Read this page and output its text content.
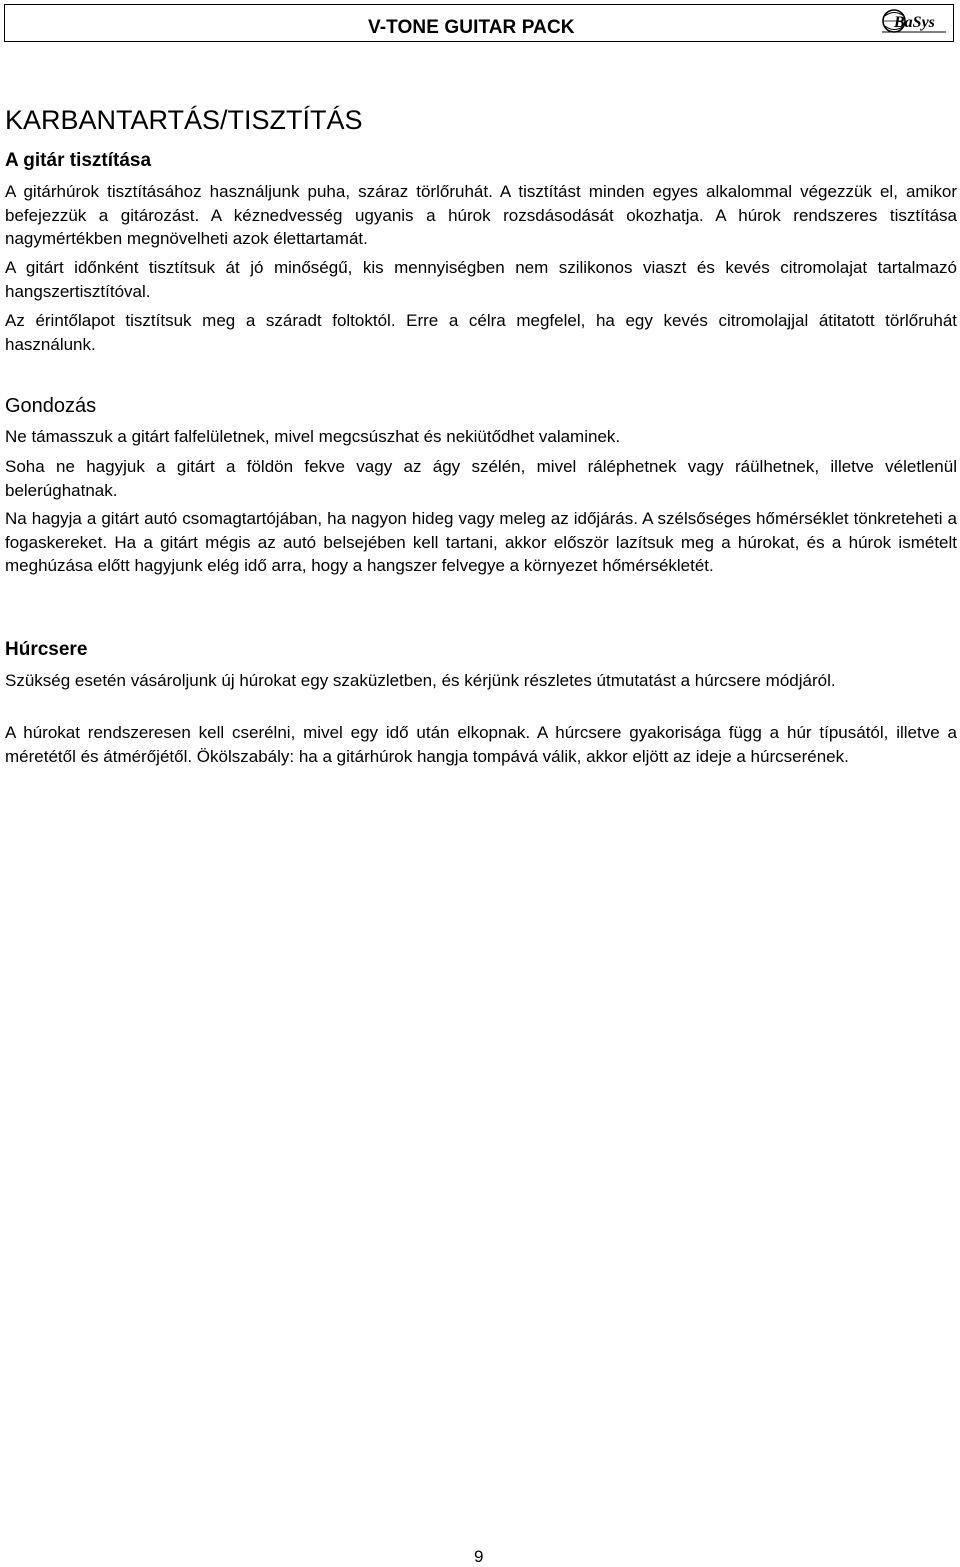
V-TONE GUITAR PACK	BaSys
KARBANTARTÁS/TISZTÍTÁS
A gitár tisztítása

A gitárhúrok tisztításához használjunk puha, száraz törlőruhát. A tisztítást minden egyes alkalommal végezzük el, amikor befejezzük a gitározást. A kéznedvesség ugyanis a húrok rozsdásodását okozhatja. A húrok rendszeres tisztítása nagymértékben megnövelheti azok élettartamát.

A gitárt időnként tisztítsuk át jó minőségű, kis mennyiségben nem szilikonos viaszt és kevés citromolajat tartalmazó hangszertisztítóval.

Az érintőlapot tisztítsuk meg a száradt foltoktól. Erre a célra megfelel, ha egy kevés citromolajjal átitatott törlőruhát használunk.

Gondozás

Ne támasszuk a gitárt falfelületnek, mivel megcsúszhat és nekiütődhet valaminek.

Soha ne hagyjuk a gitárt a földön fekve vagy az ágy szélén, mivel ráléphetnek vagy ráülhetnek, illetve véletlenül belerúghatnak.

Na hagyja a gitárt autó csomagtartójában, ha nagyon hideg vagy meleg az időjárás. A szélsőséges hőmérséklet tönkreteheti a fogaskereket. Ha a gitárt mégis az autó belsejében kell tartani, akkor először lazítsuk meg a húrokat, és a húrok ismételt meghúzása előtt hagyjunk elég idő arra, hogy a hangszer felvegye a környezet hőmérsékletét.

Húrcsere

Szükség esetén vásároljunk új húrokat egy szaküzletben, és kérjünk részletes útmutatást a húrcsere módjáról.

A húrokat rendszeresen kell cserélni, mivel egy idő után elkopnak. A húrcsere gyakorisága függ a húr típusától, illetve a méretétől és átmérőjétől. Ökölszabály: ha a gitárhúrok hangja tompává válik, akkor eljött az ideje a húrcserének.

9
